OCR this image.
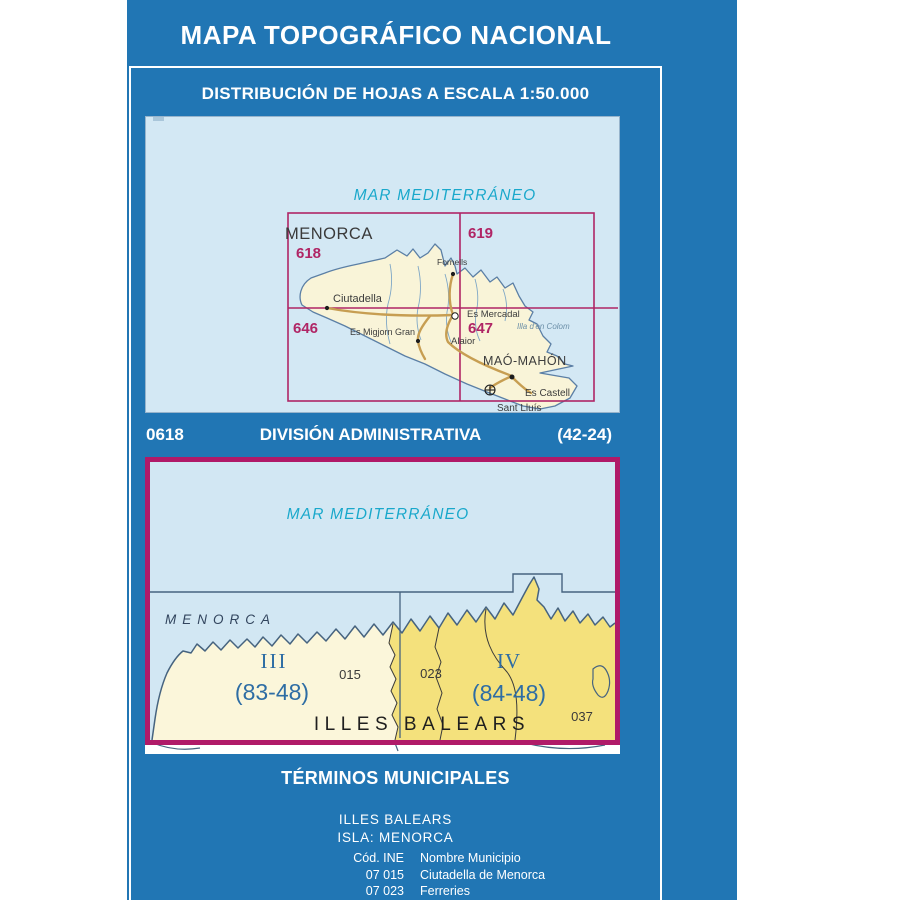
MAPA TOPOGRÁFICO NACIONAL
DISTRIBUCIÓN DE HOJAS A ESCALA 1:50.000
MAR MEDITERRÁNEO
MENORCA
618
619
646	647
Ciutadella
Fornells
Es Mercadal
Es Migjorn Gran
Alaior
MAÓ-MAHÓN
Es Castell
Sant Lluís
Illa d'en Colom
0618	DIVISIÓN ADMINISTRATIVA	(42-24)
MAR MEDITERRÁNEO
MENORCA
III
(83-48)
IV
(84-48)
015	023
037
ILLES BALEARS
TÉRMINOS MUNICIPALES
ILLES BALEARS
ISLA: MENORCA
Cód. INE Nombre Municipio
07 015 Ciutadella de Menorca
07 023 Ferreries
